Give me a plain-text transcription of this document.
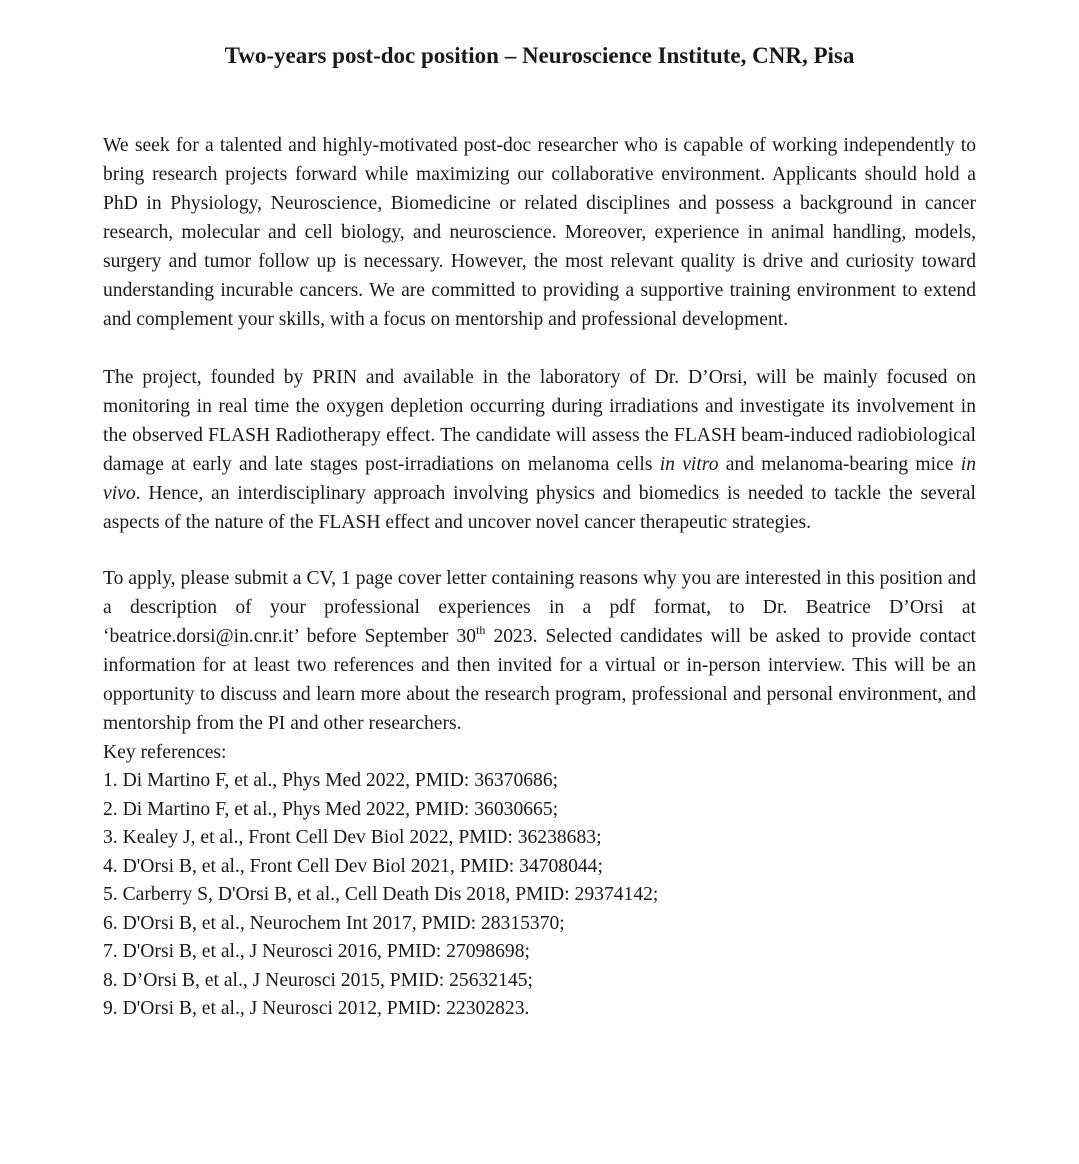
Two-years post-doc position – Neuroscience Institute, CNR, Pisa

We seek for a talented and highly-motivated post-doc researcher who is capable of working independently to bring research projects forward while maximizing our collaborative environment. Applicants should hold a PhD in Physiology, Neuroscience, Biomedicine or related disciplines and possess a background in cancer research, molecular and cell biology, and neuroscience. Moreover, experience in animal handling, models, surgery and tumor follow up is necessary. However, the most relevant quality is drive and curiosity toward understanding incurable cancers. We are committed to providing a supportive training environment to extend and complement your skills, with a focus on mentorship and professional development.

The project, founded by PRIN and available in the laboratory of Dr. D’Orsi, will be mainly focused on monitoring in real time the oxygen depletion occurring during irradiations and investigate its involvement in the observed FLASH Radiotherapy effect. The candidate will assess the FLASH beam-induced radiobiological damage at early and late stages post-irradiations on melanoma cells in vitro and melanoma-bearing mice in vivo. Hence, an interdisciplinary approach involving physics and biomedics is needed to tackle the several aspects of the nature of the FLASH effect and uncover novel cancer therapeutic strategies.

To apply, please submit a CV, 1 page cover letter containing reasons why you are interested in this position and a description of your professional experiences in a pdf format, to Dr. Beatrice D’Orsi at ‘beatrice.dorsi@in.cnr.it’ before September 30th 2023. Selected candidates will be asked to provide contact information for at least two references and then invited for a virtual or in-person interview. This will be an opportunity to discuss and learn more about the research program, professional and personal environment, and mentorship from the PI and other researchers.

Key references:

1. Di Martino F, et al., Phys Med 2022, PMID: 36370686;
2. Di Martino F, et al., Phys Med 2022, PMID: 36030665;
3. Kealey J, et al., Front Cell Dev Biol 2022, PMID: 36238683;
4. D'Orsi B, et al., Front Cell Dev Biol 2021, PMID: 34708044;
5. Carberry S, D'Orsi B, et al., Cell Death Dis 2018, PMID: 29374142;
6. D'Orsi B, et al., Neurochem Int 2017, PMID: 28315370;
7. D'Orsi B, et al., J Neurosci 2016, PMID: 27098698;
8. D’Orsi B, et al., J Neurosci 2015, PMID: 25632145;
9. D'Orsi B, et al., J Neurosci 2012, PMID: 22302823.
